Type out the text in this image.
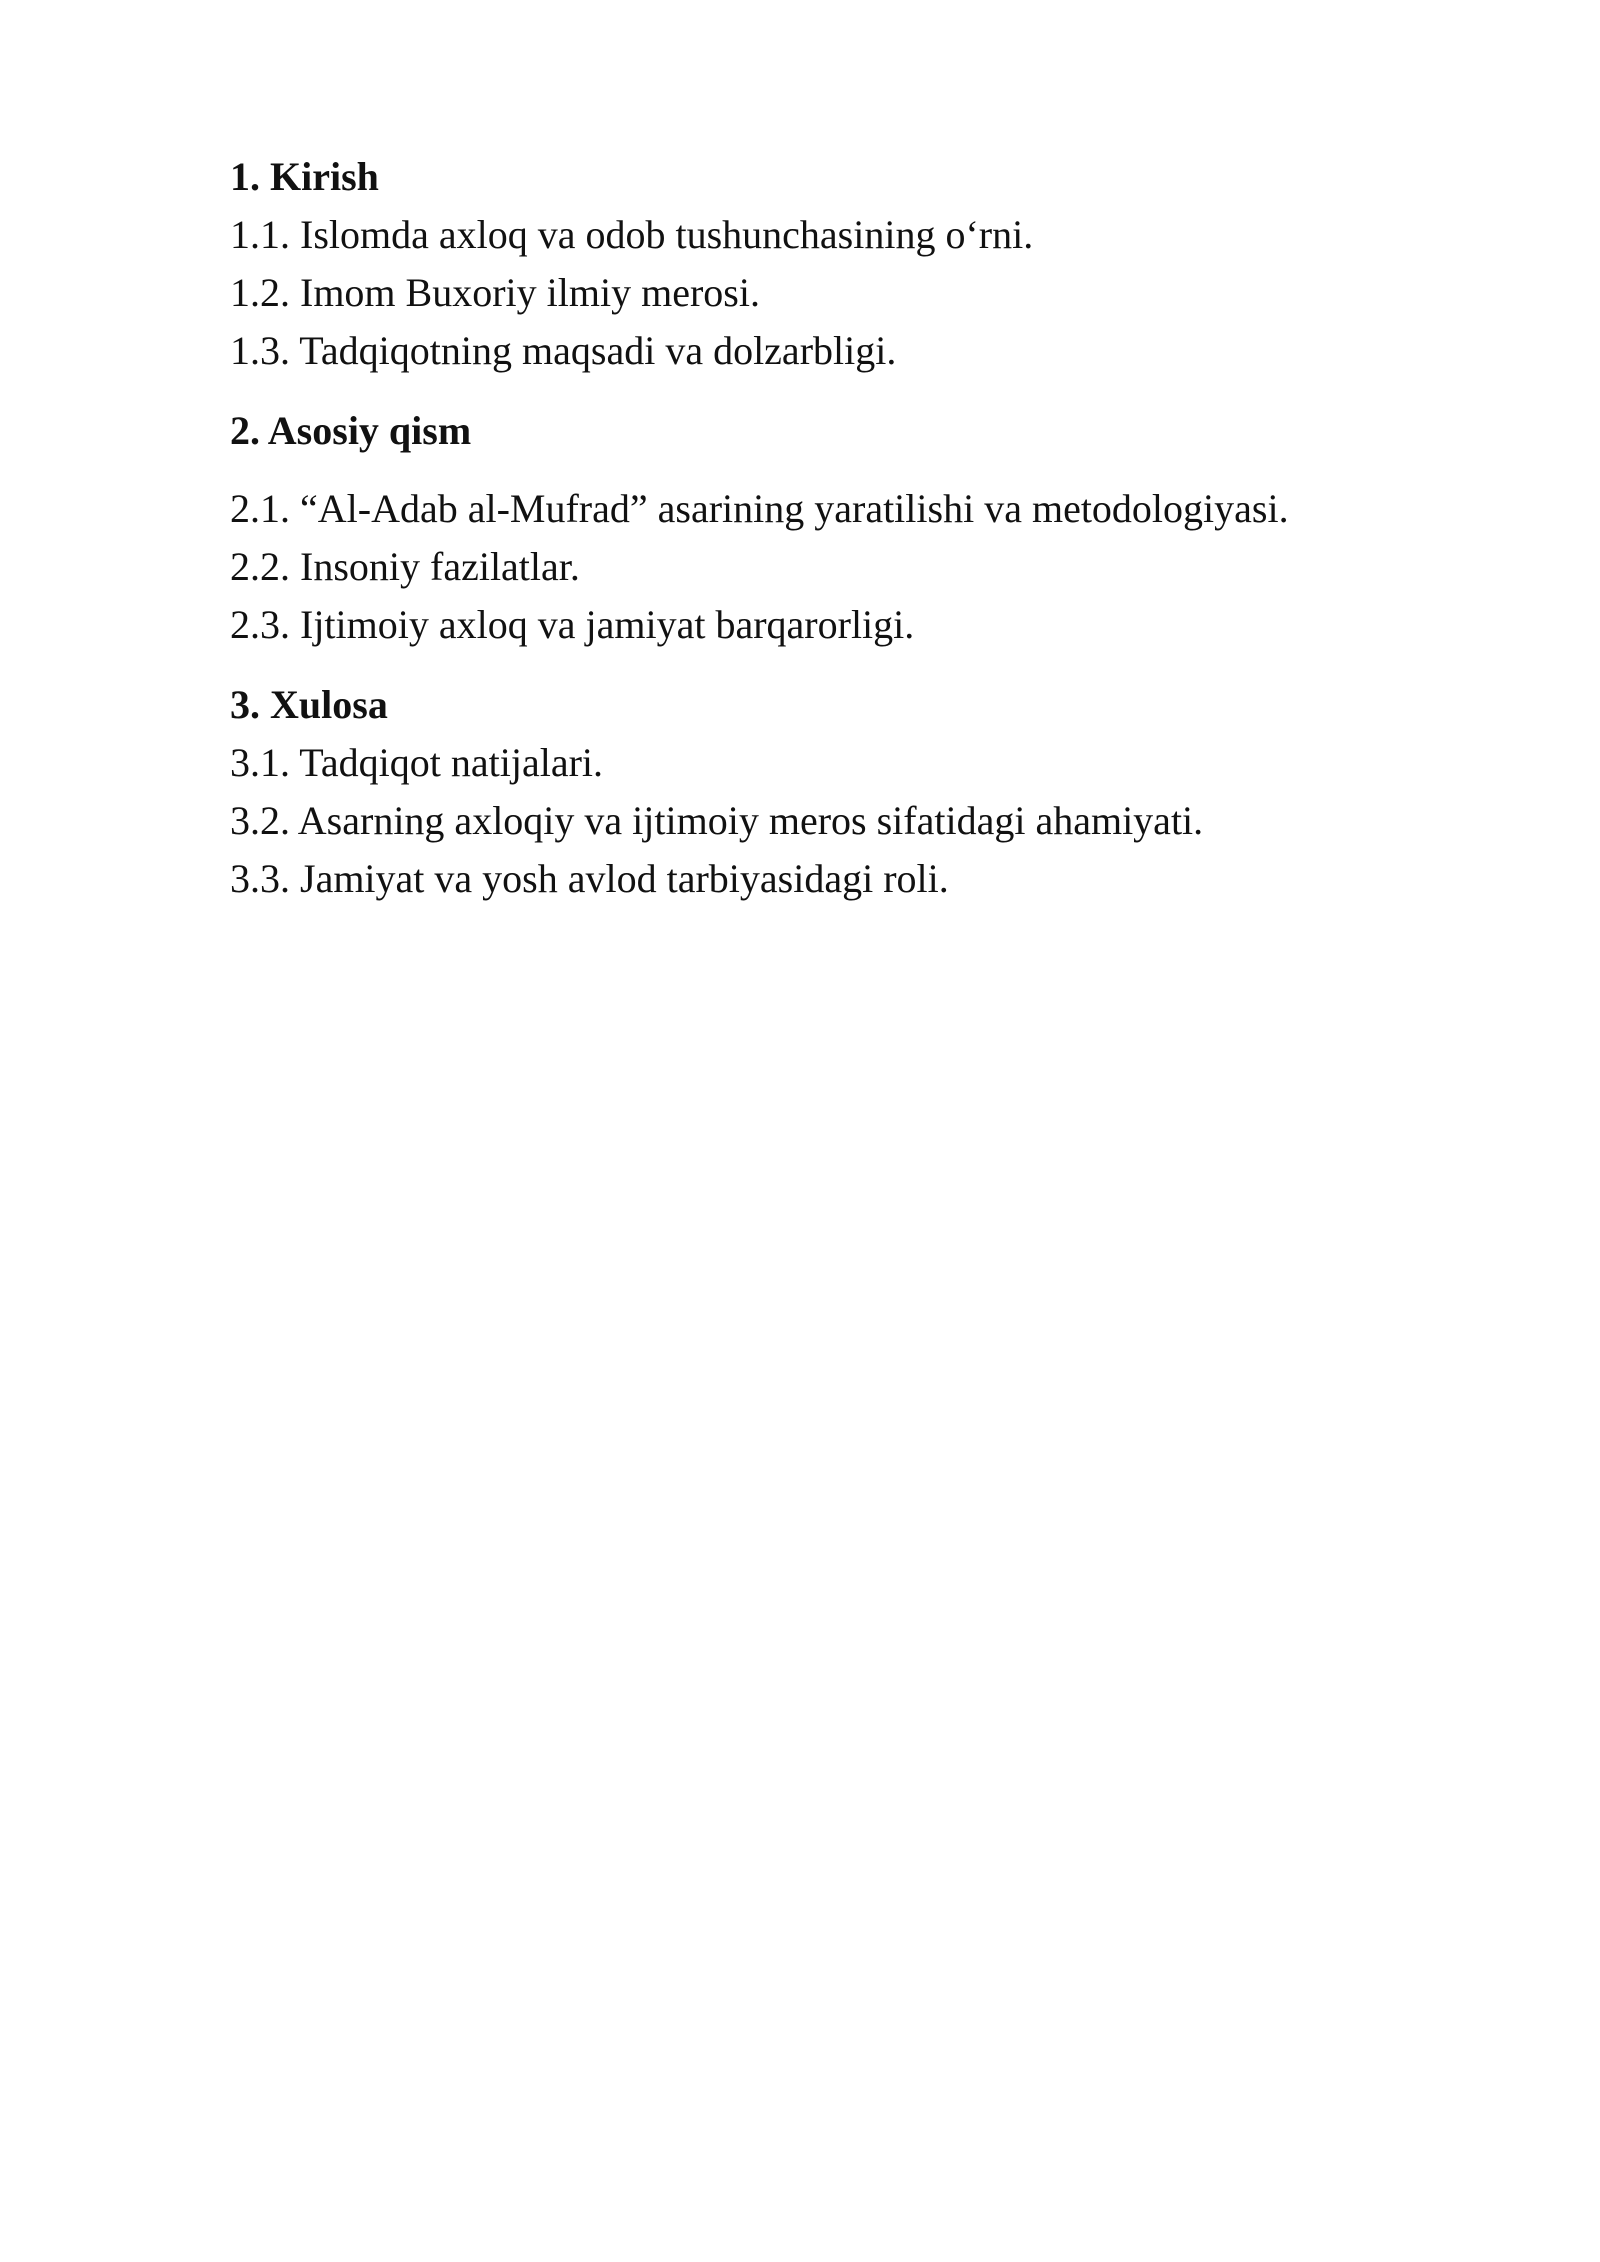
1. Kirish

1.1. Islomda axloq va odob tushunchasining o‘rni.

1.2. Imom Buxoriy ilmiy merosi.

1.3. Tadqiqotning maqsadi va dolzarbligi.

2. Asosiy qism

2.1. “Al-Adab al-Mufrad” asarining yaratilishi va metodologiyasi.

2.2. Insoniy fazilatlar.

2.3. Ijtimoiy axloq va jamiyat barqarorligi.

3. Xulosa

3.1. Tadqiqot natijalari.

3.2. Asarning axloqiy va ijtimoiy meros sifatidagi ahamiyati.

3.3. Jamiyat va yosh avlod tarbiyasidagi roli.
